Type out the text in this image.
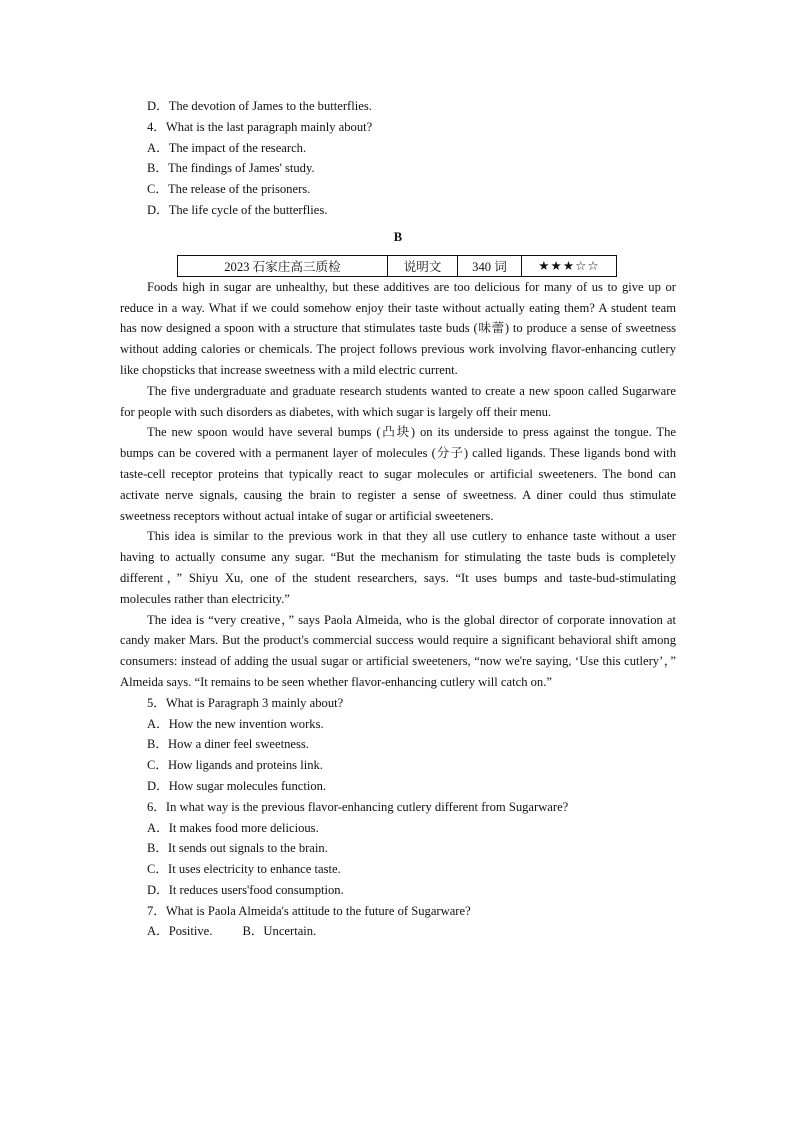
D．The devotion of James to the butterflies.
4．What is the last paragraph mainly about?
A．The impact of the research.
B．The findings of James' study.
C．The release of the prisoners.
D．The life cycle of the butterflies.
B
2023 石家庄高三质检	说明文	340 词	★★★☆☆

Foods high in sugar are unhealthy, but these additives are too delicious for many of us to give up or reduce in a way. What if we could somehow enjoy their taste without actually eating them? A student team has now designed a spoon with a structure that stimulates taste buds (味蕾) to produce a sense of sweetness without adding calories or chemicals. The project follows previous work involving flavor-enhancing cutlery like chopsticks that increase sweetness with a mild electric current.

The five undergraduate and graduate research students wanted to create a new spoon called Sugarware for people with such disorders as diabetes, with which sugar is largely off their menu.

The new spoon would have several bumps (凸块) on its underside to press against the tongue. The bumps can be covered with a permanent layer of molecules (分子) called ligands. These ligands bond with taste-cell receptor proteins that typically react to sugar molecules or artificial sweeteners. The bond can activate nerve signals, causing the brain to register a sense of sweetness. A diner could thus stimulate sweetness receptors without actual intake of sugar or artificial sweeteners.

This idea is similar to the previous work in that they all use cutlery to enhance taste without a user having to actually consume any sugar. “But the mechanism for stimulating the taste buds is completely different，” Shiyu Xu, one of the student researchers, says. “It uses bumps and taste-bud-stimulating molecules rather than electricity.”

The idea is “very creative，” says Paola Almeida, who is the global director of corporate innovation at candy maker Mars. But the product's commercial success would require a significant behavioral shift among consumers: instead of adding the usual sugar or artificial sweeteners, “now we're saying, ‘Use this cutlery’，” Almeida says. “It remains to be seen whether flavor-enhancing cutlery will catch on.”

5．What is Paragraph 3 mainly about?
A．How the new invention works.
B．How a diner feel sweetness.
C．How ligands and proteins link.
D．How sugar molecules function.
6．In what way is the previous flavor-enhancing cutlery different from Sugarware?
A．It makes food more delicious.
B．It sends out signals to the brain.
C．It uses electricity to enhance taste.
D．It reduces users'food consumption.
7．What is Paola Almeida's attitude to the future of Sugarware?
A．Positive. B．Uncertain.
